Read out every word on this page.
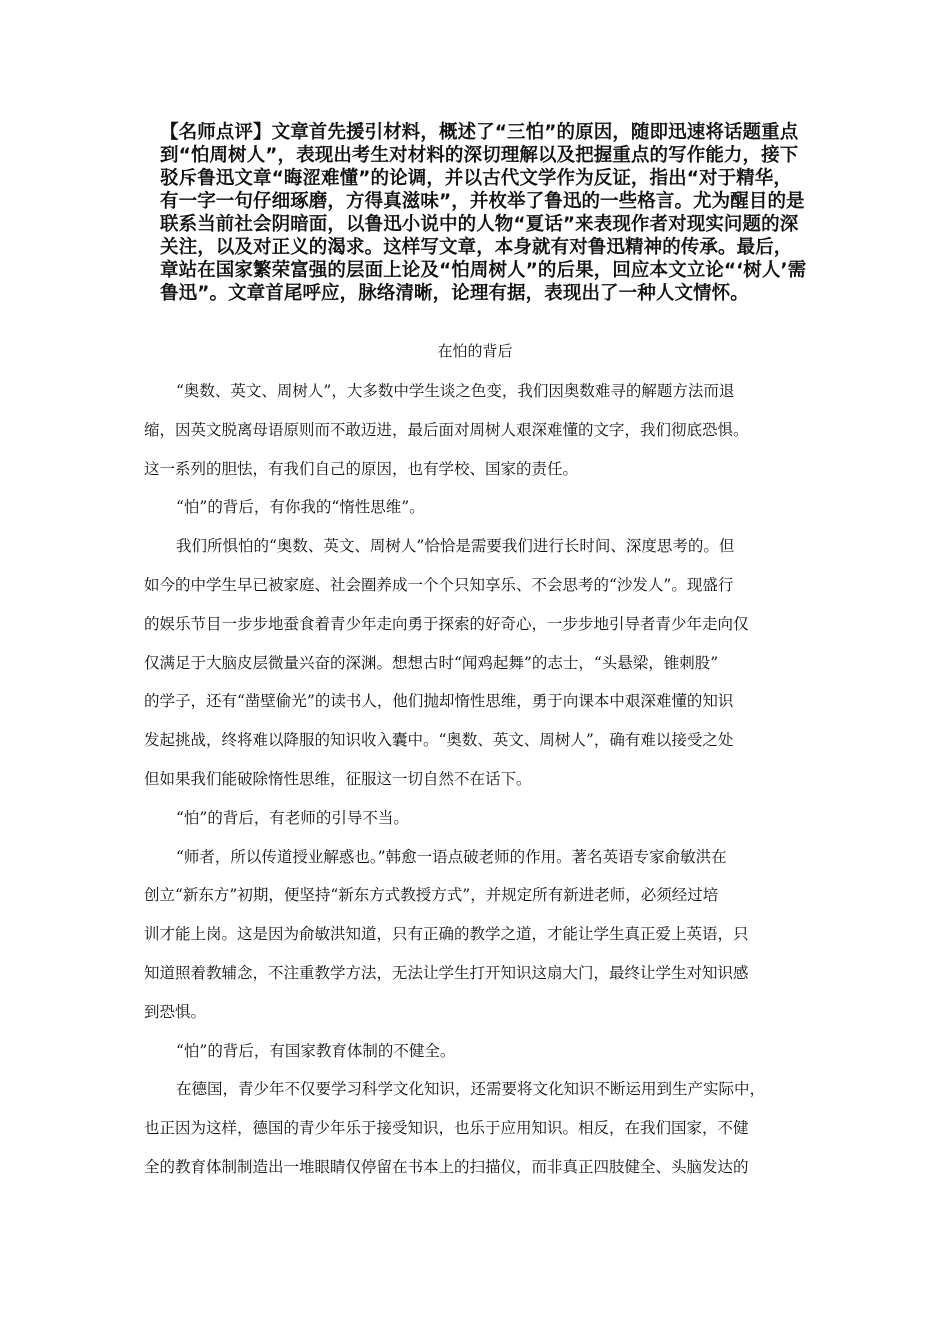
【名师点评】文章首先援引材料，概述了“三怕”的原因，随即迅速将话题重点
到“怕周树人”，表现出考生对材料的深切理解以及把握重点的写作能力，接下
驳斥鲁迅文章“晦涩难懂”的论调，并以古代文学作为反证，指出“对于精华，
有一字一句仔细琢磨，方得真滋味”，并枚举了鲁迅的一些格言。尤为醒目的是
联系当前社会阴暗面，以鲁迅小说中的人物“夏话”来表现作者对现实问题的深
关注，以及对正义的渴求。这样写文章，本身就有对鲁迅精神的传承。最后，
章站在国家繁荣富强的层面上论及“怕周树人”的后果，回应本文立论“‘树人’需
鲁迅”。文章首尾呼应，脉络清晰，论理有据，表现出了一种人文情怀。
在怕的背后
“奥数、英文、周树人”，大多数中学生谈之色变，我们因奥数难寻的解题方法而退
缩，因英文脱离母语原则而不敢迈进，最后面对周树人艰深难懂的文字，我们彻底恐惧。
这一系列的胆怯，有我们自己的原因，也有学校、国家的责任。
“怕”的背后，有你我的“惰性思维”。
我们所惧怕的“奥数、英文、周树人”恰恰是需要我们进行长时间、深度思考的。但
如今的中学生早已被家庭、社会圈养成一个个只知享乐、不会思考的“沙发人”。现盛行
的娱乐节目一步步地蚕食着青少年走向勇于探索的好奇心，一步步地引导者青少年走向仅
仅满足于大脑皮层微量兴奋的深渊。想想古时“闻鸡起舞”的志士，“头悬梁，锥刺股”
的学子，还有“凿壁偷光”的读书人，他们抛却惰性思维，勇于向课本中艰深难懂的知识
发起挑战，终将难以降服的知识收入囊中。“奥数、英文、周树人”，确有难以接受之处
但如果我们能破除惰性思维，征服这一切自然不在话下。
“怕”的背后，有老师的引导不当。
“师者，所以传道授业解惑也。”韩愈一语点破老师的作用。著名英语专家俞敏洪在
创立“新东方”初期，便坚持“新东方式教授方式”，并规定所有新进老师，必须经过培
训才能上岗。这是因为俞敏洪知道，只有正确的教学之道，才能让学生真正爱上英语，只
知道照着教辅念，不注重教学方法，无法让学生打开知识这扇大门，最终让学生对知识感
到恐惧。
“怕”的背后，有国家教育体制的不健全。
在德国，青少年不仅要学习科学文化知识，还需要将文化知识不断运用到生产实际中，
也正因为这样，德国的青少年乐于接受知识，也乐于应用知识。相反，在我们国家，不健
全的教育体制制造出一堆眼睛仅停留在书本上的扫描仪，而非真正四肢健全、头脑发达的
